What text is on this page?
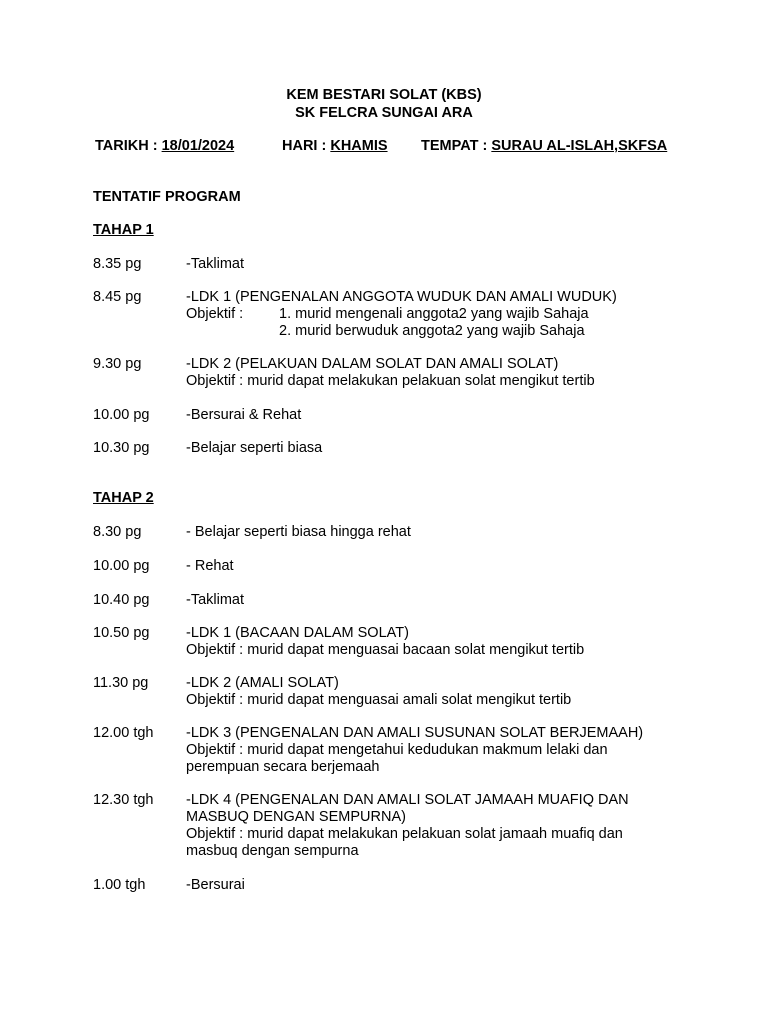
KEM BESTARI SOLAT (KBS)
SK FELCRA SUNGAI ARA
TARIKH : 18/01/2024	HARI : KHAMIS TEMPAT : SURAU AL-ISLAH,SKFSA
TENTATIF PROGRAM
TAHAP 1
8.35 pg	-Taklimat
8.45 pg	-LDK 1 (PENGENALAN ANGGOTA WUDUK DAN AMALI WUDUK)
Objektif : 1. murid mengenali anggota2 yang wajib Sahaja
2. murid berwuduk anggota2 yang wajib Sahaja
9.30 pg	-LDK 2 (PELAKUAN DALAM SOLAT DAN AMALI SOLAT)
Objektif : murid dapat melakukan pelakuan solat mengikut tertib
10.00 pg	-Bersurai & Rehat
10.30 pg	-Belajar seperti biasa
TAHAP 2
8.30 pg	- Belajar seperti biasa hingga rehat
10.00 pg	- Rehat
10.40 pg	-Taklimat
10.50 pg	-LDK 1 (BACAAN DALAM SOLAT)
Objektif : murid dapat menguasai bacaan solat mengikut tertib
11.30 pg	-LDK 2 (AMALI SOLAT)
Objektif : murid dapat menguasai amali solat mengikut tertib
12.00 tgh -LDK 3 (PENGENALAN DAN AMALI SUSUNAN SOLAT BERJEMAAH)
Objektif : murid dapat mengetahui kedudukan makmum lelaki dan
perempuan secara berjemaah
12.30 tgh -LDK 4 (PENGENALAN DAN AMALI SOLAT JAMAAH MUAFIQ DAN
MASBUQ DENGAN SEMPURNA)
Objektif : murid dapat melakukan pelakuan solat jamaah muafiq dan
masbuq dengan sempurna
1.00 tgh	-Bersurai
